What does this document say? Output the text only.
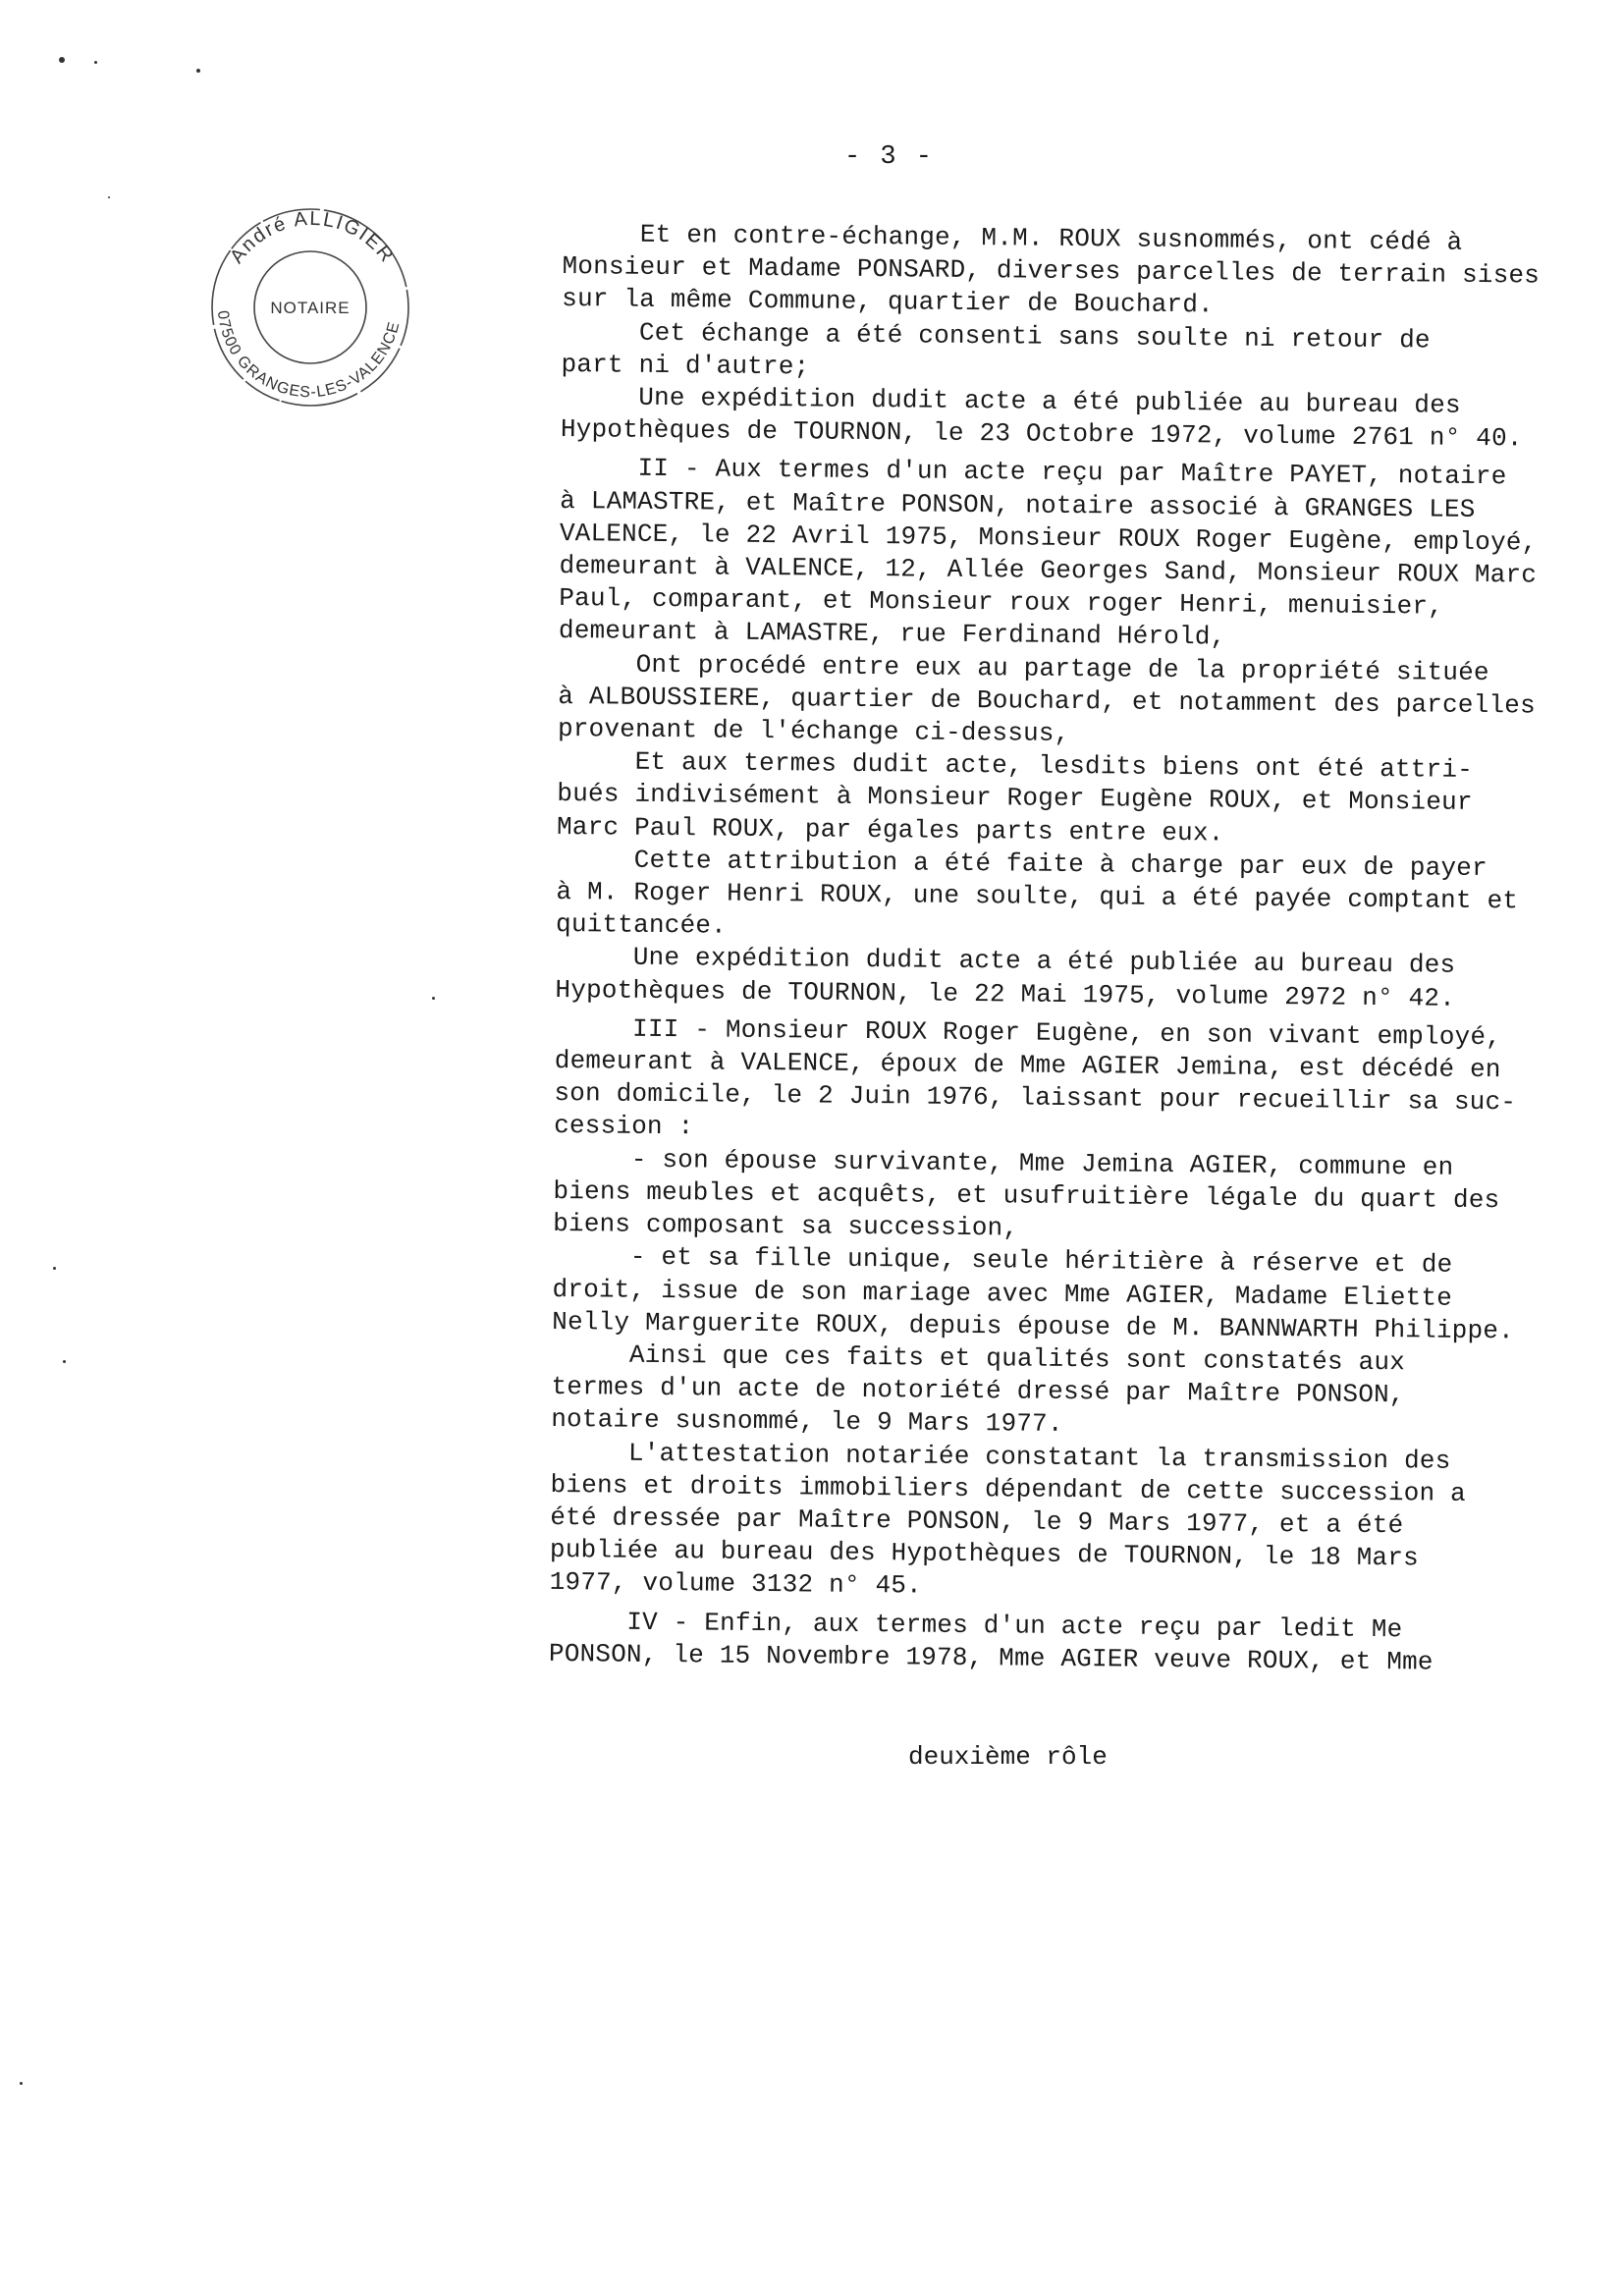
- 3 -
André ALLIGIER
NOTAIRE
07500 GRANGES-LES-VALENCE
Et en contre-échange, M.M. ROUX susnommés, ont cédé à
Monsieur et Madame PONSARD, diverses parcelles de terrain sises
sur la même Commune, quartier de Bouchard.
Cet échange a été consenti sans soulte ni retour de
part ni d'autre;
Une expédition dudit acte a été publiée au bureau des
Hypothèques de TOURNON, le 23 Octobre 1972, volume 2761 n° 40.
II - Aux termes d'un acte reçu par Maître PAYET, notaire
à LAMASTRE, et Maître PONSON, notaire associé à GRANGES LES
VALENCE, le 22 Avril 1975, Monsieur ROUX Roger Eugène, employé,
demeurant à VALENCE, 12, Allée Georges Sand, Monsieur ROUX Marc
Paul, comparant, et Monsieur roux roger Henri, menuisier,
demeurant à LAMASTRE, rue Ferdinand Hérold,
Ont procédé entre eux au partage de la propriété située
à ALBOUSSIERE, quartier de Bouchard, et notamment des parcelles
provenant de l'échange ci-dessus,
Et aux termes dudit acte, lesdits biens ont été attri-
bués indivisément à Monsieur Roger Eugène ROUX, et Monsieur
Marc Paul ROUX, par égales parts entre eux.
Cette attribution a été faite à charge par eux de payer
à M. Roger Henri ROUX, une soulte, qui a été payée comptant et
quittancée.
Une expédition dudit acte a été publiée au bureau des
Hypothèques de TOURNON, le 22 Mai 1975, volume 2972 n° 42.
III - Monsieur ROUX Roger Eugène, en son vivant employé,
demeurant à VALENCE, époux de Mme AGIER Jemina, est décédé en
son domicile, le 2 Juin 1976, laissant pour recueillir sa suc-
cession :
- son épouse survivante, Mme Jemina AGIER, commune en
biens meubles et acquêts, et usufruitière légale du quart des
biens composant sa succession,
- et sa fille unique, seule héritière à réserve et de
droit, issue de son mariage avec Mme AGIER, Madame Eliette
Nelly Marguerite ROUX, depuis épouse de M. BANNWARTH Philippe.
Ainsi que ces faits et qualités sont constatés aux
termes d'un acte de notoriété dressé par Maître PONSON,
notaire susnommé, le 9 Mars 1977.
L'attestation notariée constatant la transmission des
biens et droits immobiliers dépendant de cette succession a
été dressée par Maître PONSON, le 9 Mars 1977, et a été
publiée au bureau des Hypothèques de TOURNON, le 18 Mars
1977, volume 3132 n° 45.
IV - Enfin, aux termes d'un acte reçu par ledit Me
PONSON, le 15 Novembre 1978, Mme AGIER veuve ROUX, et Mme
deuxième rôle
